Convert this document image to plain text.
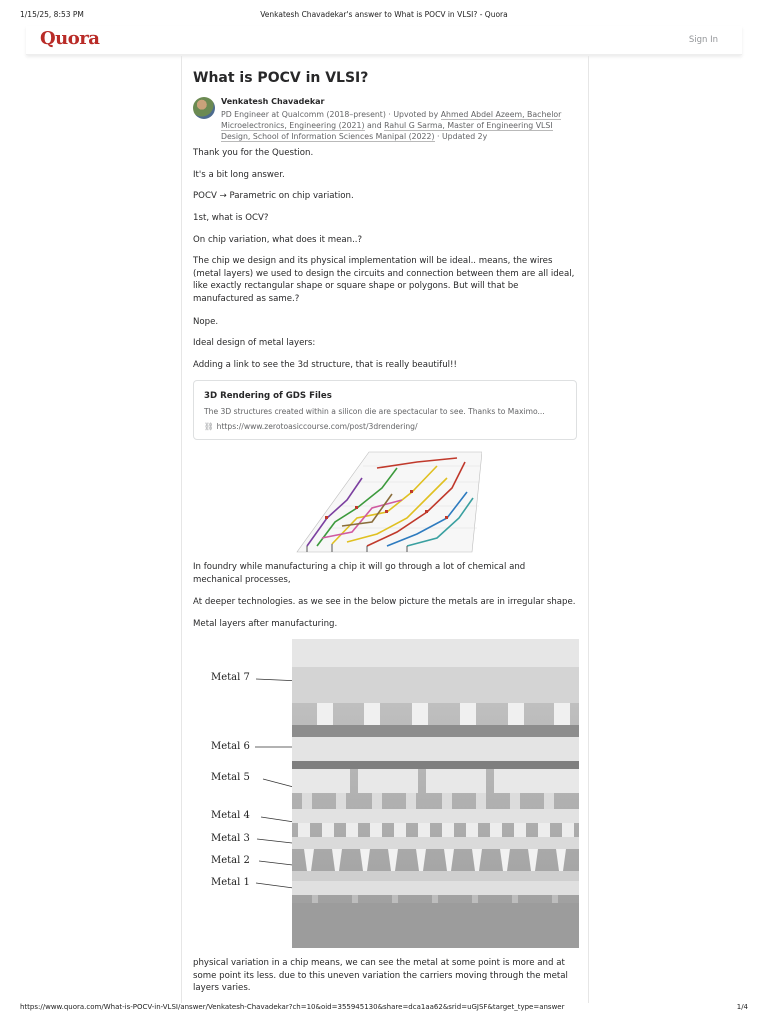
1/15/25, 8:53 PM	Venkatesh Chavadekar's answer to What is POCV in VLSI? - Quora
Quora	Sign In
What is POCV in VLSI?
Venkatesh Chavadekar
PD Engineer at Qualcomm (2018–present) · Upvoted by Ahmed Abdel Azeem, Bachelor Microelectronics, Engineering (2021) and Rahul G Sarma, Master of Engineering VLSI Design, School of Information Sciences Manipal (2022) · Updated 2y

Thank you for the Question.

It's a bit long answer.

POCV → Parametric on chip variation.

1st, what is OCV?

On chip variation, what does it mean..?

The chip we design and its physical implementation will be ideal.. means, the wires (metal layers) we used to design the circuits and connection between them are all ideal, like exactly rectangular shape or square shape or polygons. But will that be manufactured as same.?

Nope.

Ideal design of metal layers:

Adding a link to see the 3d structure, that is really beautiful!!

3D Rendering of GDS Files
The 3D structures created within a silicon die are spectacular to see. Thanks to Maximo...
⛓ https://www.zerotoasiccourse.com/post/3drendering/

In foundry while manufacturing a chip it will go through a lot of chemical and mechanical processes,

At deeper technologies. as we see in the below picture the metals are in irregular shape.

Metal layers after manufacturing.

Metal 7
Metal 6
Metal 5
Metal 4
Metal 3
Metal 2
Metal 1

physical variation in a chip means, we can see the metal at some point is more and at some point its less. due to this uneven variation the carriers moving through the metal layers varies.

https://www.quora.com/What-is-POCV-in-VLSI/answer/Venkatesh-Chavadekar?ch=10&oid=355945130&share=dca1aa62&srid=uGJSF&target_type=answer	1/4
